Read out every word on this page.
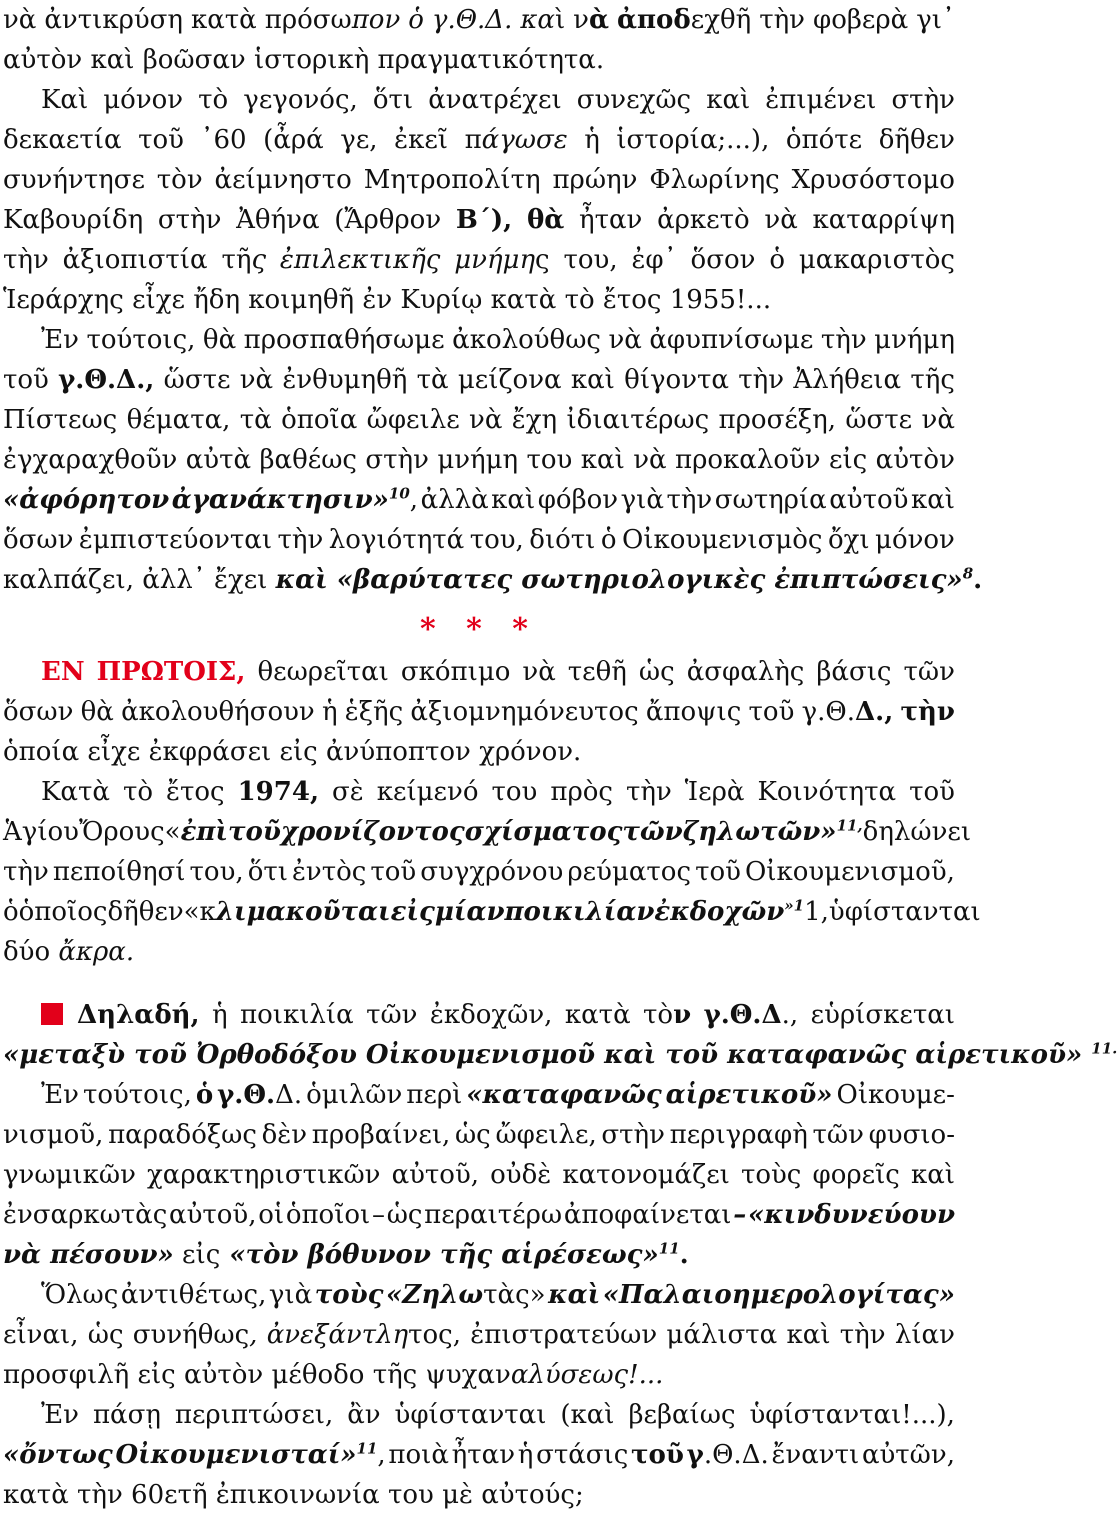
νὰ ἀντικρύση κατὰ πρόσωπον ὁ γ.Θ.Δ. καὶ νὰ ἀποδεχθῆ τὴν φοβερὰ γι᾽
αὐτὸν καὶ βοῶσαν ἱστορικὴ πραγματικότητα.
Καὶ μόνον τὸ γεγονός, ὅτι ἀνατρέχει συνεχῶς καὶ ἐπιμένει στὴν
δεκαετία τοῦ ᾽60 (ἆρά γε, ἐκεῖ πάγωσε ἡ ἱστορία;...), ὁπότε δῆθεν
συνήντησε τὸν ἀείμνηστο Μητροπολίτη πρώην Φλωρίνης Χρυσόστομο
Καβουρίδη στὴν Ἀθήνα (Ἄρθρον Β΄), θὰ ἦταν ἀρκετὸ νὰ καταρρίψη
τὴν ἀξιοπιστία τῆς ἐπιλεκτικῆς μνήμης του, ἐφ᾽ ὅσον ὁ μακαριστὸς
Ἱεράρχης εἶχε ἤδη κοιμηθῆ ἐν Κυρίῳ κατὰ τὸ ἔτος 1955!...
Ἐν τούτοις, θὰ προσπαθήσωμε ἀκολούθως νὰ ἀφυπνίσωμε τὴν μνήμη
τοῦ γ.Θ.Δ., ὥστε νὰ ἐνθυμηθῆ τὰ μείζονα καὶ θίγοντα τὴν Ἀλήθεια τῆς
Πίστεως θέματα, τὰ ὁποῖα ὤφειλε νὰ ἔχη ἰδιαιτέρως προσέξη, ὥστε νὰ
ἐγχαραχθοῦν αὐτὰ βαθέως στὴν μνήμη του καὶ νὰ προκαλοῦν εἰς αὐτὸν
«ἀφόρητον ἀγανάκτησιν»$^{10}$, ἀλλὰ καὶ φόβον γιὰ τὴν σωτηρία αὐτοῦ καὶ
ὅσων ἐμπιστεύονται τὴν λογιότητά του, διότι ὁ Οἰκουμενισμὸς ὄχι μόνον
καλπάζει, ἀλλ᾽ ἔχει καὶ «βαρύτατες σωτηριολογικὲς ἐπιπτώσεις»$^8$.
ΕΝ ΠΡΩΤΟΙΣ, θεωρεῖται σκόπιμο νὰ τεθῆ ὡς ἀσφαλὴς βάσις τῶν
ὅσων θὰ ἀκολουθήσουν ἡ ἑξῆς ἀξιομνημόνευτος ἄποψις τοῦ γ.Θ.Δ., τὴν
ὁποία εἶχε ἐκφράσει εἰς ἀνύποπτον χρόνον.
Κατὰ τὸ ἔτος 1974, σὲ κείμενό του πρὸς τὴν Ἱερὰ Κοινότητα τοῦ
Ἁγίου Ὄρους «ἐπὶ τοῦ χρονίζοντος σχίσματος τῶν ζηλωτῶν» $^{11,}$ δηλώνει
τὴν πεποίθησί του, ὅτι ἐντὸς τοῦ συγχρόνου ρεύματος τοῦ Οἰκουμενισμοῦ,
ὁ ὁποῖος δῆθεν «κλιμακοῦται εἰς μίαν ποικιλίαν ἐκδοχῶν» $^1$1, ὑφίστανται
δύο ἄκρα.
Δηλαδή, ἡ ποικιλία τῶν ἐκδοχῶν, κατὰ τὸν γ.Θ.Δ., εὑρίσκεται
«μεταξὺ τοῦ Ὀρθοδόξου Οἰκουμενισμοῦ καὶ τοῦ καταφανῶς αἱρετικοῦ» $^{11.}$
Ἐν τούτοις, ὁ γ.Θ.Δ. ὁμιλῶν περὶ «καταφανῶς αἱρετικοῦ» Οἰκουμε-
νισμοῦ, παραδόξως δὲν προβαίνει, ὡς ὤφειλε, στὴν περιγραφὴ τῶν φυσιο-
γνωμικῶν χαρακτηριστικῶν αὐτοῦ, οὐδὲ κατονομάζει τοὺς φορεῖς καὶ
ἐνσαρκωτὰς αὐτοῦ, οἱ ὁποῖοι – ὡς περαιτέρω ἀποφαίνεται – «κινδυνεύουν
νὰ πέσουν» εἰς «τὸν βόθυνον τῆς αἱρέσεως»$^{11}$.
Ὅλως ἀντιθέτως, γιὰ τοὺς «Ζηλωτὰς» καὶ «Παλαιοημερολογίτας»
εἶναι, ὡς συνήθως, ἀνεξάντλητος, ἐπιστρατεύων μάλιστα καὶ τὴν λίαν
προσφιλῆ εἰς αὐτὸν μέθοδο τῆς ψυχαναλύσεως!...
Ἐν πάσῃ περιπτώσει, ἂν ὑφίστανται (καὶ βεβαίως ὑφίστανται!...),
«ὄντως Οἰκουμενισταί»$^{11}$, ποιὰ ἦταν ἡ στάσις τοῦ γ.Θ.Δ. ἔναντι αὐτῶν,
κατὰ τὴν 60ετῆ ἐπικοινωνία του μὲ αὐτούς;
* * *
